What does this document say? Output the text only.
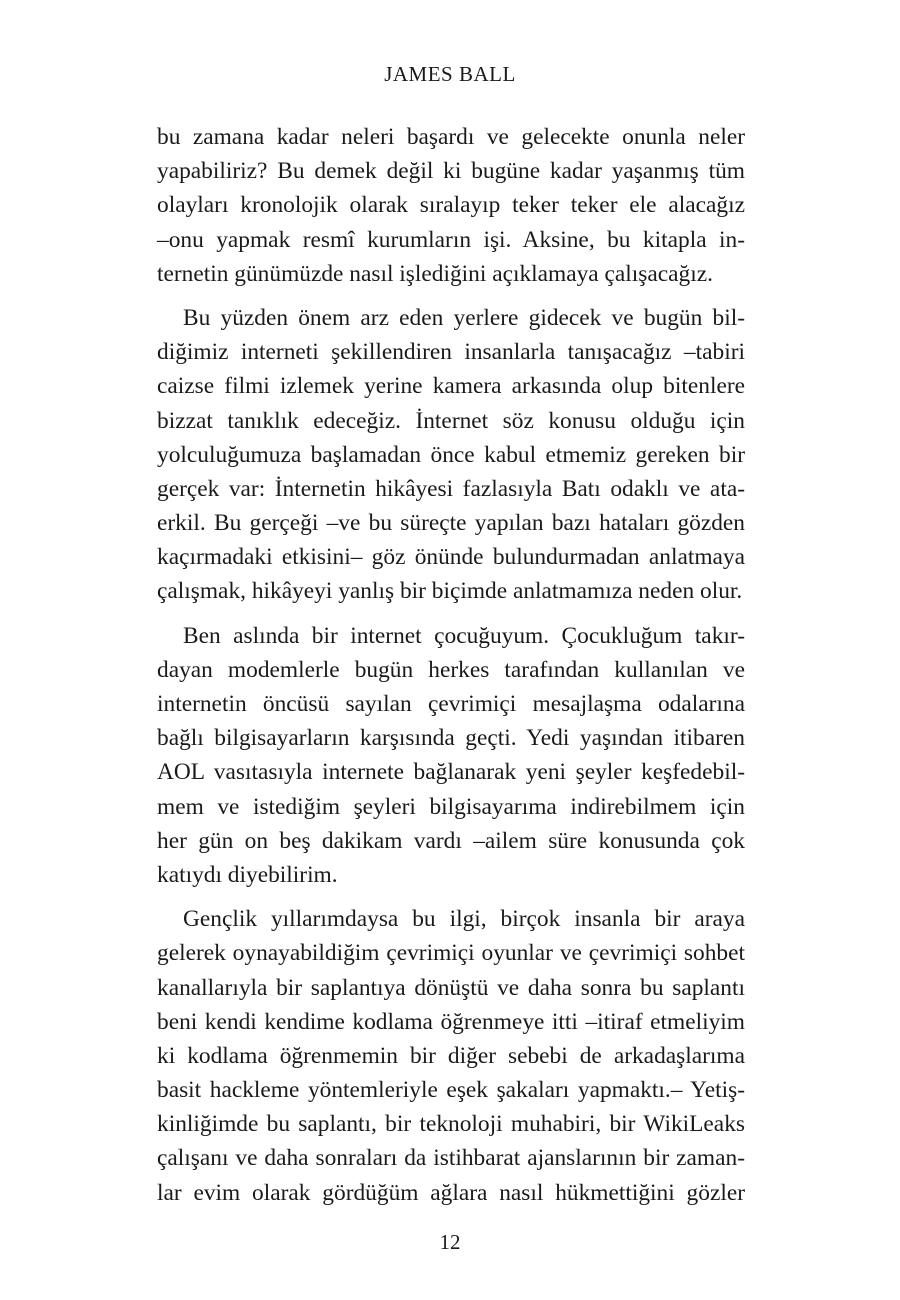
JAMES BALL
bu zamana kadar neleri başardı ve gelecekte onunla neler
yapabiliriz? Bu demek değil ki bugüne kadar yaşanmış tüm
olayları kronolojik olarak sıralayıp teker teker ele alacağız
–onu yapmak resmî kurumların işi. Aksine, bu kitapla in-
ternetin günümüzde nasıl işlediğini açıklamaya çalışacağız.
Bu yüzden önem arz eden yerlere gidecek ve bugün bil-
diğimiz interneti şekillendiren insanlarla tanışacağız –tabiri
caizse filmi izlemek yerine kamera arkasında olup bitenlere
bizzat tanıklık edeceğiz. İnternet söz konusu olduğu için
yolculuğumuza başlamadan önce kabul etmemiz gereken bir
gerçek var: İnternetin hikâyesi fazlasıyla Batı odaklı ve ata-
erkil. Bu gerçeği –ve bu süreçte yapılan bazı hataları gözden
kaçırmadaki etkisini– göz önünde bulundurmadan anlatmaya
çalışmak, hikâyeyi yanlış bir biçimde anlatmamıza neden olur.
Ben aslında bir internet çocuğuyum. Çocukluğum takır-
dayan modemlerle bugün herkes tarafından kullanılan ve
internetin öncüsü sayılan çevrimiçi mesajlaşma odalarına
bağlı bilgisayarların karşısında geçti. Yedi yaşından itibaren
AOL vasıtasıyla internete bağlanarak yeni şeyler keşfedebil-
mem ve istediğim şeyleri bilgisayarıma indirebilmem için
her gün on beş dakikam vardı –ailem süre konusunda çok
katıydı diyebilirim.
Gençlik yıllarımdaysa bu ilgi, birçok insanla bir araya
gelerek oynayabildiğim çevrimiçi oyunlar ve çevrimiçi sohbet
kanallarıyla bir saplantıya dönüştü ve daha sonra bu saplantı
beni kendi kendime kodlama öğrenmeye itti –itiraf etmeliyim
ki kodlama öğrenmemin bir diğer sebebi de arkadaşlarıma
basit hackleme yöntemleriyle eşek şakaları yapmaktı.– Yetiş-
kinliğimde bu saplantı, bir teknoloji muhabiri, bir WikiLeaks
çalışanı ve daha sonraları da istihbarat ajanslarının bir zaman-
lar evim olarak gördüğüm ağlara nasıl hükmettiğini gözler
12
